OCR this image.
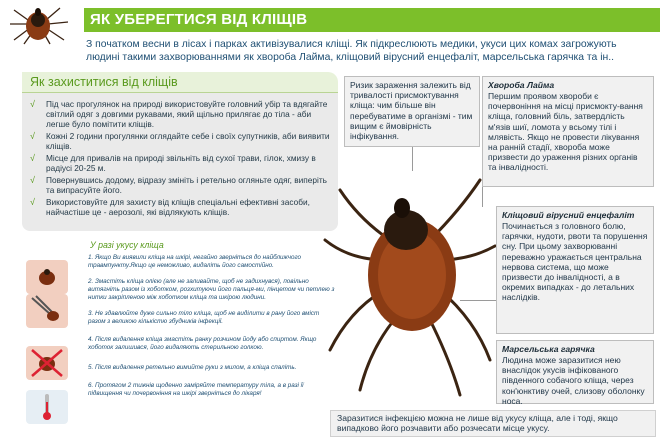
ЯК УБЕРЕГТИСЯ ВІД КЛІЩІВ
З початком весни в лісах і парках активізувалися кліщі. Як підкреслюють медики, укуси цих комах загрожують людині такими захворюваннями як хвороба Лайма, кліщовий вірусний енцефаліт, марсельська гарячка та ін..
Як захиститися від кліщів
√ Під час прогулянок на природі використовуйте головний убір та вдягайте світлий одяг з довгими рукавами, який щільно прилягає до тіла - аби легше було помітити кліщів.
√ Кожні 2 години прогулянки оглядайте себе і своїх супутників, аби виявити кліщів.
√ Місце для привалів на природі звільніть від сухої трави, гілок, хмизу в радіусі 20-25 м.
√ Повернувшись додому, відразу змініть і ретельно огляньте одяг, виперіть та випрасуйте його.
√ Використовуйте для захисту від кліщів спеціальні ефективні засоби, найчастіше це - аерозолі, які відлякують кліщів.
У разі укусу кліща
1. Якщо Ви виявили кліща на шкірі, негайно зверніться до найближчого травмпункту.Якщо це неможливо, видаліть його самостійно.
2. Змастіть кліща олією (але не заливайте, щоб не задихнувся), повільно витягніть разом із хоботком, розхитуючи його пальця-ми, пінцетом чи петлею з нитки закріпленою між хоботком кліща та шкірою людини.
3. Не здавлюйте дуже сильно тіло кліща, щоб не виділити в рану його вміст разом з великою кількістю збудників інфекції.
4. Після видалення кліща змастіть ранку розчином йоду або спиртом. Якщо хоботок залишився, його видаляють стерильною голкою.
5. Після видалення ретельно вимийте руки з милом, а кліща спаліть.
6. Протягом 2 тижнів щоденно заміряйте температуру тіла, а в разі її підвищення чи почервоніння на шкірі зверніться до лікаря!
Ризик зараження залежить від тривалості присмоктування кліща: чим більше він перебуватиме в організмі - тим вищим є ймовірність інфікування.
Хвороба Лайма
Першим проявом хвороби є почервоніння на місці присмокту-вання кліща, головний біль, затвердлість м'язів шиї, ломота у всьому тілі і млявість. Якщо не провести лікування на ранній стадії, хвороба може призвести до ураження різних органів та інвалідності.
Кліщовий вірусний енцефаліт
Починається з головного болю, гарячки, нудоти, рвоти та порушення сну. При цьому захворюванні переважно уражається центральна нервова система, що може призвести до інвалідності, а в окремих випадках - до летальних наслідків.
Марсельська гарячка
Людина може заразитися нею внаслідок укусів інфікованого південного собачого кліща, через кон'юнктиву очей, слизову оболонку носа.
Заразитися інфекцією можна не лише від укусу кліща, але і тоді, якщо випадково його розчавити або розчесати місце укусу.
